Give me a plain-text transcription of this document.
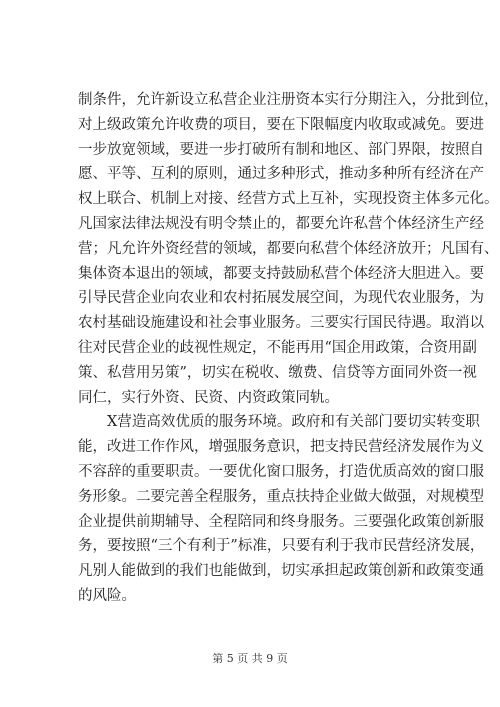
制条件，允许新设立私营企业注册资本实行分期注入，分批到位，
对上级政策允许收费的项目，要在下限幅度内收取或减免。要进
一步放宽领域，要进一步打破所有制和地区、部门界限，按照自
愿、平等、互利的原则，通过多种形式，推动多种所有经济在产
权上联合、机制上对接、经营方式上互补，实现投资主体多元化。
凡国家法律法规没有明令禁止的，都要允许私营个体经济生产经
营；凡允许外资经营的领域，都要向私营个体经济放开；凡国有、
集体资本退出的领域，都要支持鼓励私营个体经济大胆进入。要
引导民营企业向农业和农村拓展发展空间，为现代农业服务，为
农村基础设施建设和社会事业服务。三要实行国民待遇。取消以
往对民营企业的歧视性规定，不能再用“国企用政策，合资用副
策、私营用另策”，切实在税收、缴费、信贷等方面同外资一视
同仁，实行外资、民资、内资政策同轨。
　　X营造高效优质的服务环境。政府和有关部门要切实转变职
能，改进工作作风，增强服务意识，把支持民营经济发展作为义
不容辞的重要职责。一要优化窗口服务，打造优质高效的窗口服
务形象。二要完善全程服务，重点扶持企业做大做强，对规模型
企业提供前期辅导、全程陪同和终身服务。三要强化政策创新服
务，要按照“三个有利于”标准，只要有利于我市民营经济发展，
凡别人能做到的我们也能做到，切实承担起政策创新和政策变通
的风险。
第 5 页 共 9 页
